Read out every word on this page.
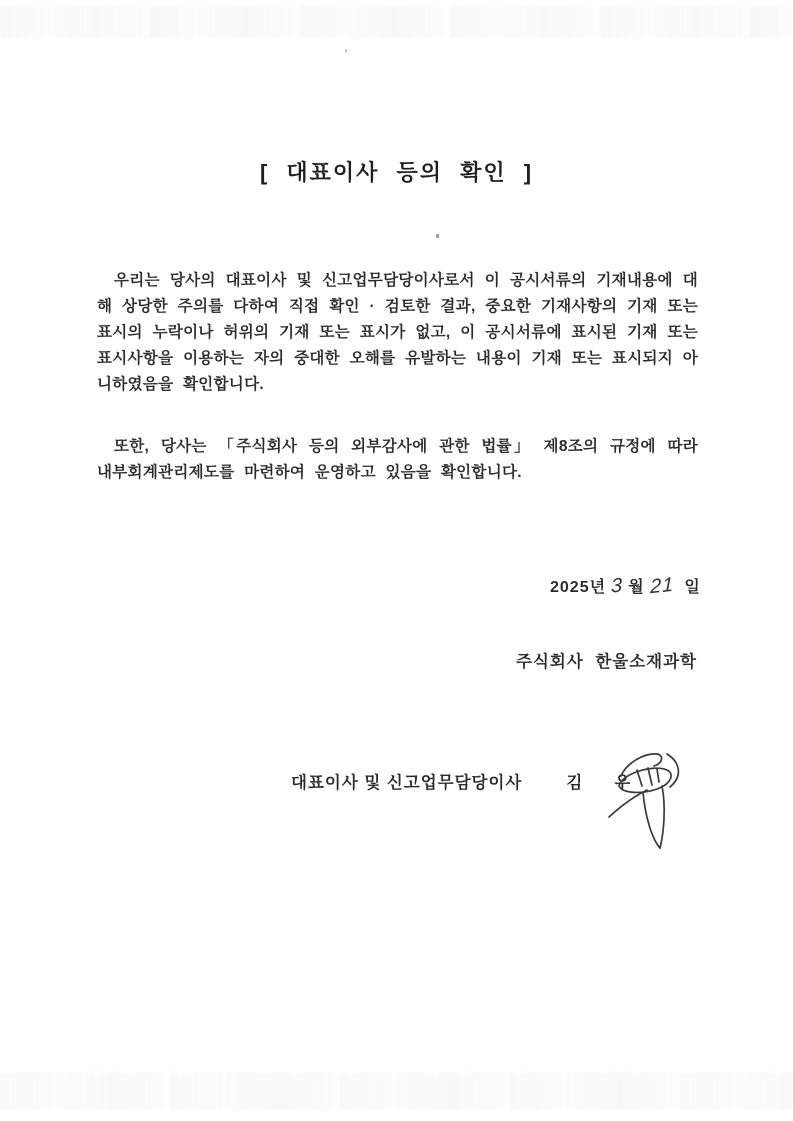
ʼ
[ 대표이사 등의 확인 ]

우리는 당사의 대표이사 및 신고업무담당이사로서 이 공시서류의 기재내용에 대해 상당한 주의를 다하여 직접 확인 · 검토한 결과, 중요한 기재사항의 기재 또는 표시의 누락이나 허위의 기재 또는 표시가 없고, 이 공시서류에 표시된 기재 또는 표시사항을 이용하는 자의 중대한 오해를 유발하는 내용이 기재 또는 표시되지 아니하였음을 확인합니다.

또한, 당사는 「주식회사 등의 외부감사에 관한 법률」 제8조의 규정에 따라 내부회계관리제도를 마련하여 운영하고 있음을 확인합니다.

2025년 3 월 21 일
주식회사 한울소재과학
대표이사 및 신고업무담당이사	김 우
